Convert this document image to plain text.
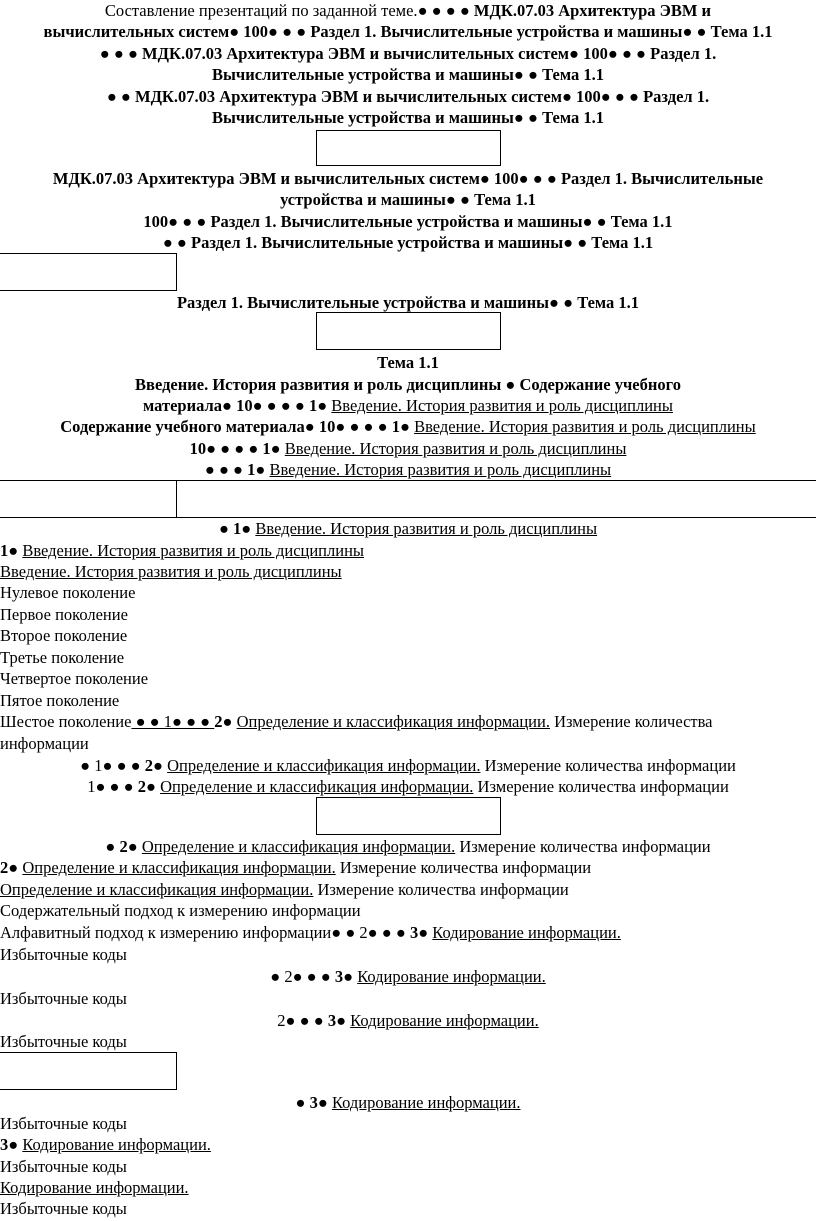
Составление презентаций по заданной теме.● ● ● ● МДК.07.03 Архитектура ЭВМ и
вычислительных систем● 100● ● ● Раздел 1. Вычислительные устройства и машины● ● Тема 1.1
● ● ● МДК.07.03 Архитектура ЭВМ и вычислительных систем● 100● ● ● Раздел 1.
Вычислительные устройства и машины● ● Тема 1.1
● ● МДК.07.03 Архитектура ЭВМ и вычислительных систем● 100● ● ● Раздел 1.
Вычислительные устройства и машины● ● Тема 1.1
МДК.07.03 Архитектура ЭВМ и вычислительных систем● 100● ● ● Раздел 1. Вычислительные
устройства и машины● ● Тема 1.1
100● ● ● Раздел 1. Вычислительные устройства и машины● ● Тема 1.1
● ● Раздел 1. Вычислительные устройства и машины● ● Тема 1.1
Раздел 1. Вычислительные устройства и машины● ● Тема 1.1
Тема 1.1
Введение. История развития и роль дисциплины ● Содержание учебного
материала● 10● ● ● ● 1● Введение. История развития и роль дисциплины
Содержание учебного материала● 10● ● ● ● 1● Введение. История развития и роль дисциплины
10● ● ● ● 1● Введение. История развития и роль дисциплины
● ● ● 1● Введение. История развития и роль дисциплины
● 1● Введение. История развития и роль дисциплины
1● Введение. История развития и роль дисциплины
Введение. История развития и роль дисциплины
Нулевое поколение
Первое поколение
Второе поколение
Третье поколение
Четвертое поколение
Пятое поколение
Шестое поколение ● ● 1● ● ● 2● Определение и классификация информации. Измерение количества
информации
● 1● ● ● 2● Определение и классификация информации. Измерение количества информации
1● ● ● 2● Определение и классификация информации. Измерение количества информации
● 2● Определение и классификация информации. Измерение количества информации
2● Определение и классификация информации. Измерение количества информации
Определение и классификация информации. Измерение количества информации
Содержательный подход к измерению информации
Алфавитный подход к измерению информации● ● 2● ● ● 3● Кодирование информации.
Избыточные коды
● 2● ● ● 3● Кодирование информации.
Избыточные коды
2● ● ● 3● Кодирование информации.
Избыточные коды
● 3● Кодирование информации.
Избыточные коды
3● Кодирование информации.
Избыточные коды
Кодирование информации.
Избыточные коды
